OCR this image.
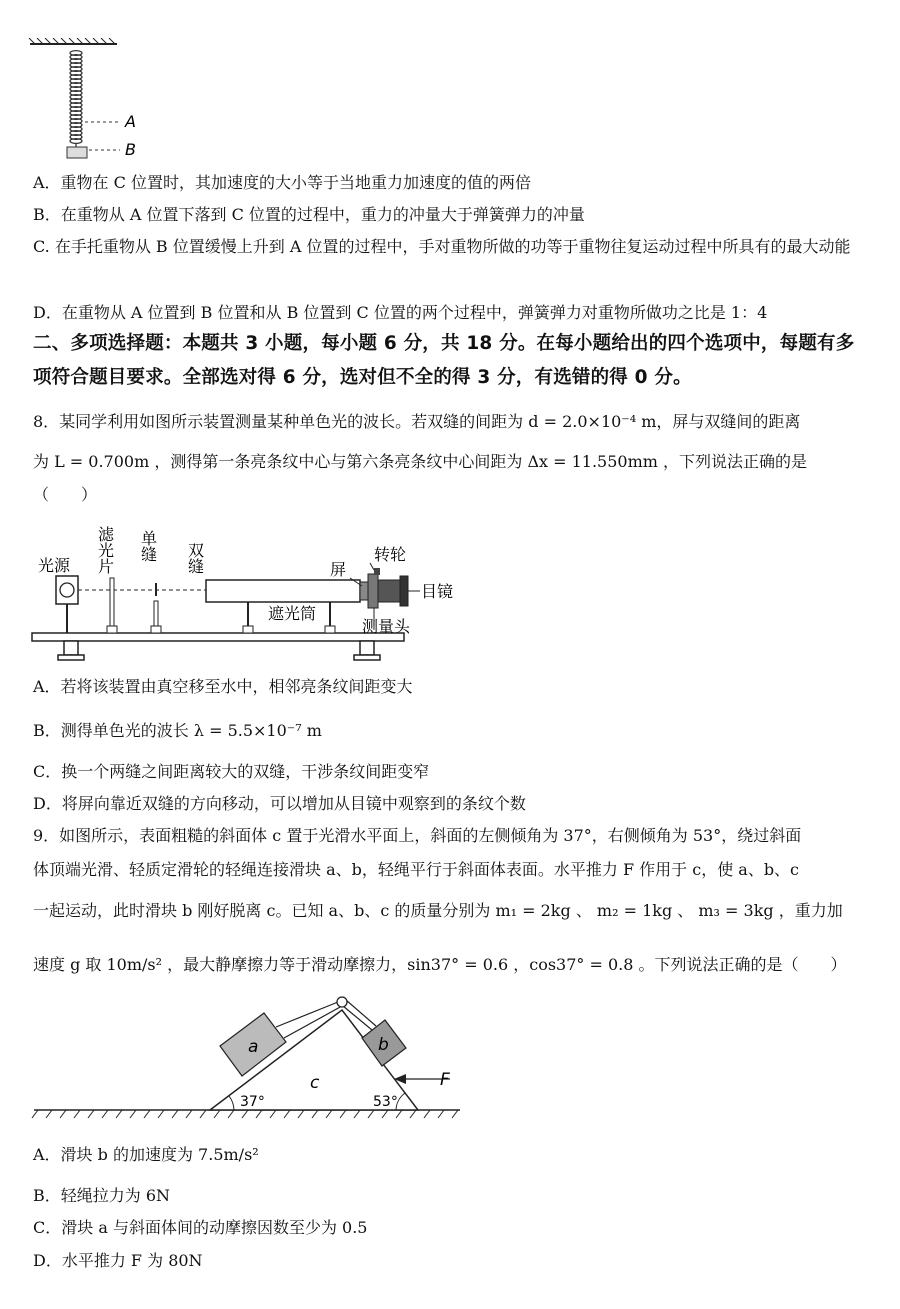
A
B
A．重物在 C 位置时，其加速度的大小等于当地重力加速度的值的两倍
B．在重物从 A 位置下落到 C 位置的过程中，重力的冲量大于弹簧弹力的冲量
C. 在手托重物从 B 位置缓慢上升到 A 位置的过程中，手对重物所做的功等于重物往复运动过程中所具有的最大动能
D．在重物从 A 位置到 B 位置和从 B 位置到 C 位置的两个过程中，弹簧弹力对重物所做功之比是 1：4
二、多项选择题：本题共 3 小题，每小题 6 分，共 18 分。在每小题给出的四个选项中，每题有多项符合题目要求。全部选对得 6 分，选对但不全的得 3 分，有选错的得 0 分。
8．某同学利用如图所示装置测量某种单色光的波长。若双缝的间距为 d = 2.0×10⁻⁴ m，屏与双缝间的距离
为 L = 0.700m ，测得第一条亮条纹中心与第六条亮条纹中心间距为 Δx = 11.550mm ，下列说法正确的是
（　　）
光源 滤光片 单缝 双缝	屏
转轮
目镜
遮光筒
测量头
A．若将该装置由真空移至水中，相邻亮条纹间距变大
B．测得单色光的波长 λ = 5.5×10⁻⁷ m
C．换一个两缝之间距离较大的双缝，干涉条纹间距变窄
D．将屏向靠近双缝的方向移动，可以增加从目镜中观察到的条纹个数
9．如图所示，表面粗糙的斜面体 c 置于光滑水平面上，斜面的左侧倾角为 37°，右侧倾角为 53°，绕过斜面
体顶端光滑、轻质定滑轮的轻绳连接滑块 a、b，轻绳平行于斜面体表面。水平推力 F 作用于 c，使 a、b、c
一起运动，此时滑块 b 刚好脱离 c。已知 a、b、c 的质量分别为 m₁ = 2kg 、 m₂ = 1kg 、 m₃ = 3kg ，重力加
速度 g 取 10m/s² ，最大静摩擦力等于滑动摩擦力，sin37° = 0.6 ，cos37° = 0.8 。下列说法正确的是（　　）
a	b
c	F
37°	53°
A．滑块 b 的加速度为 7.5m/s²
B．轻绳拉力为 6N
C．滑块 a 与斜面体间的动摩擦因数至少为 0.5
D．水平推力 F 为 80N
